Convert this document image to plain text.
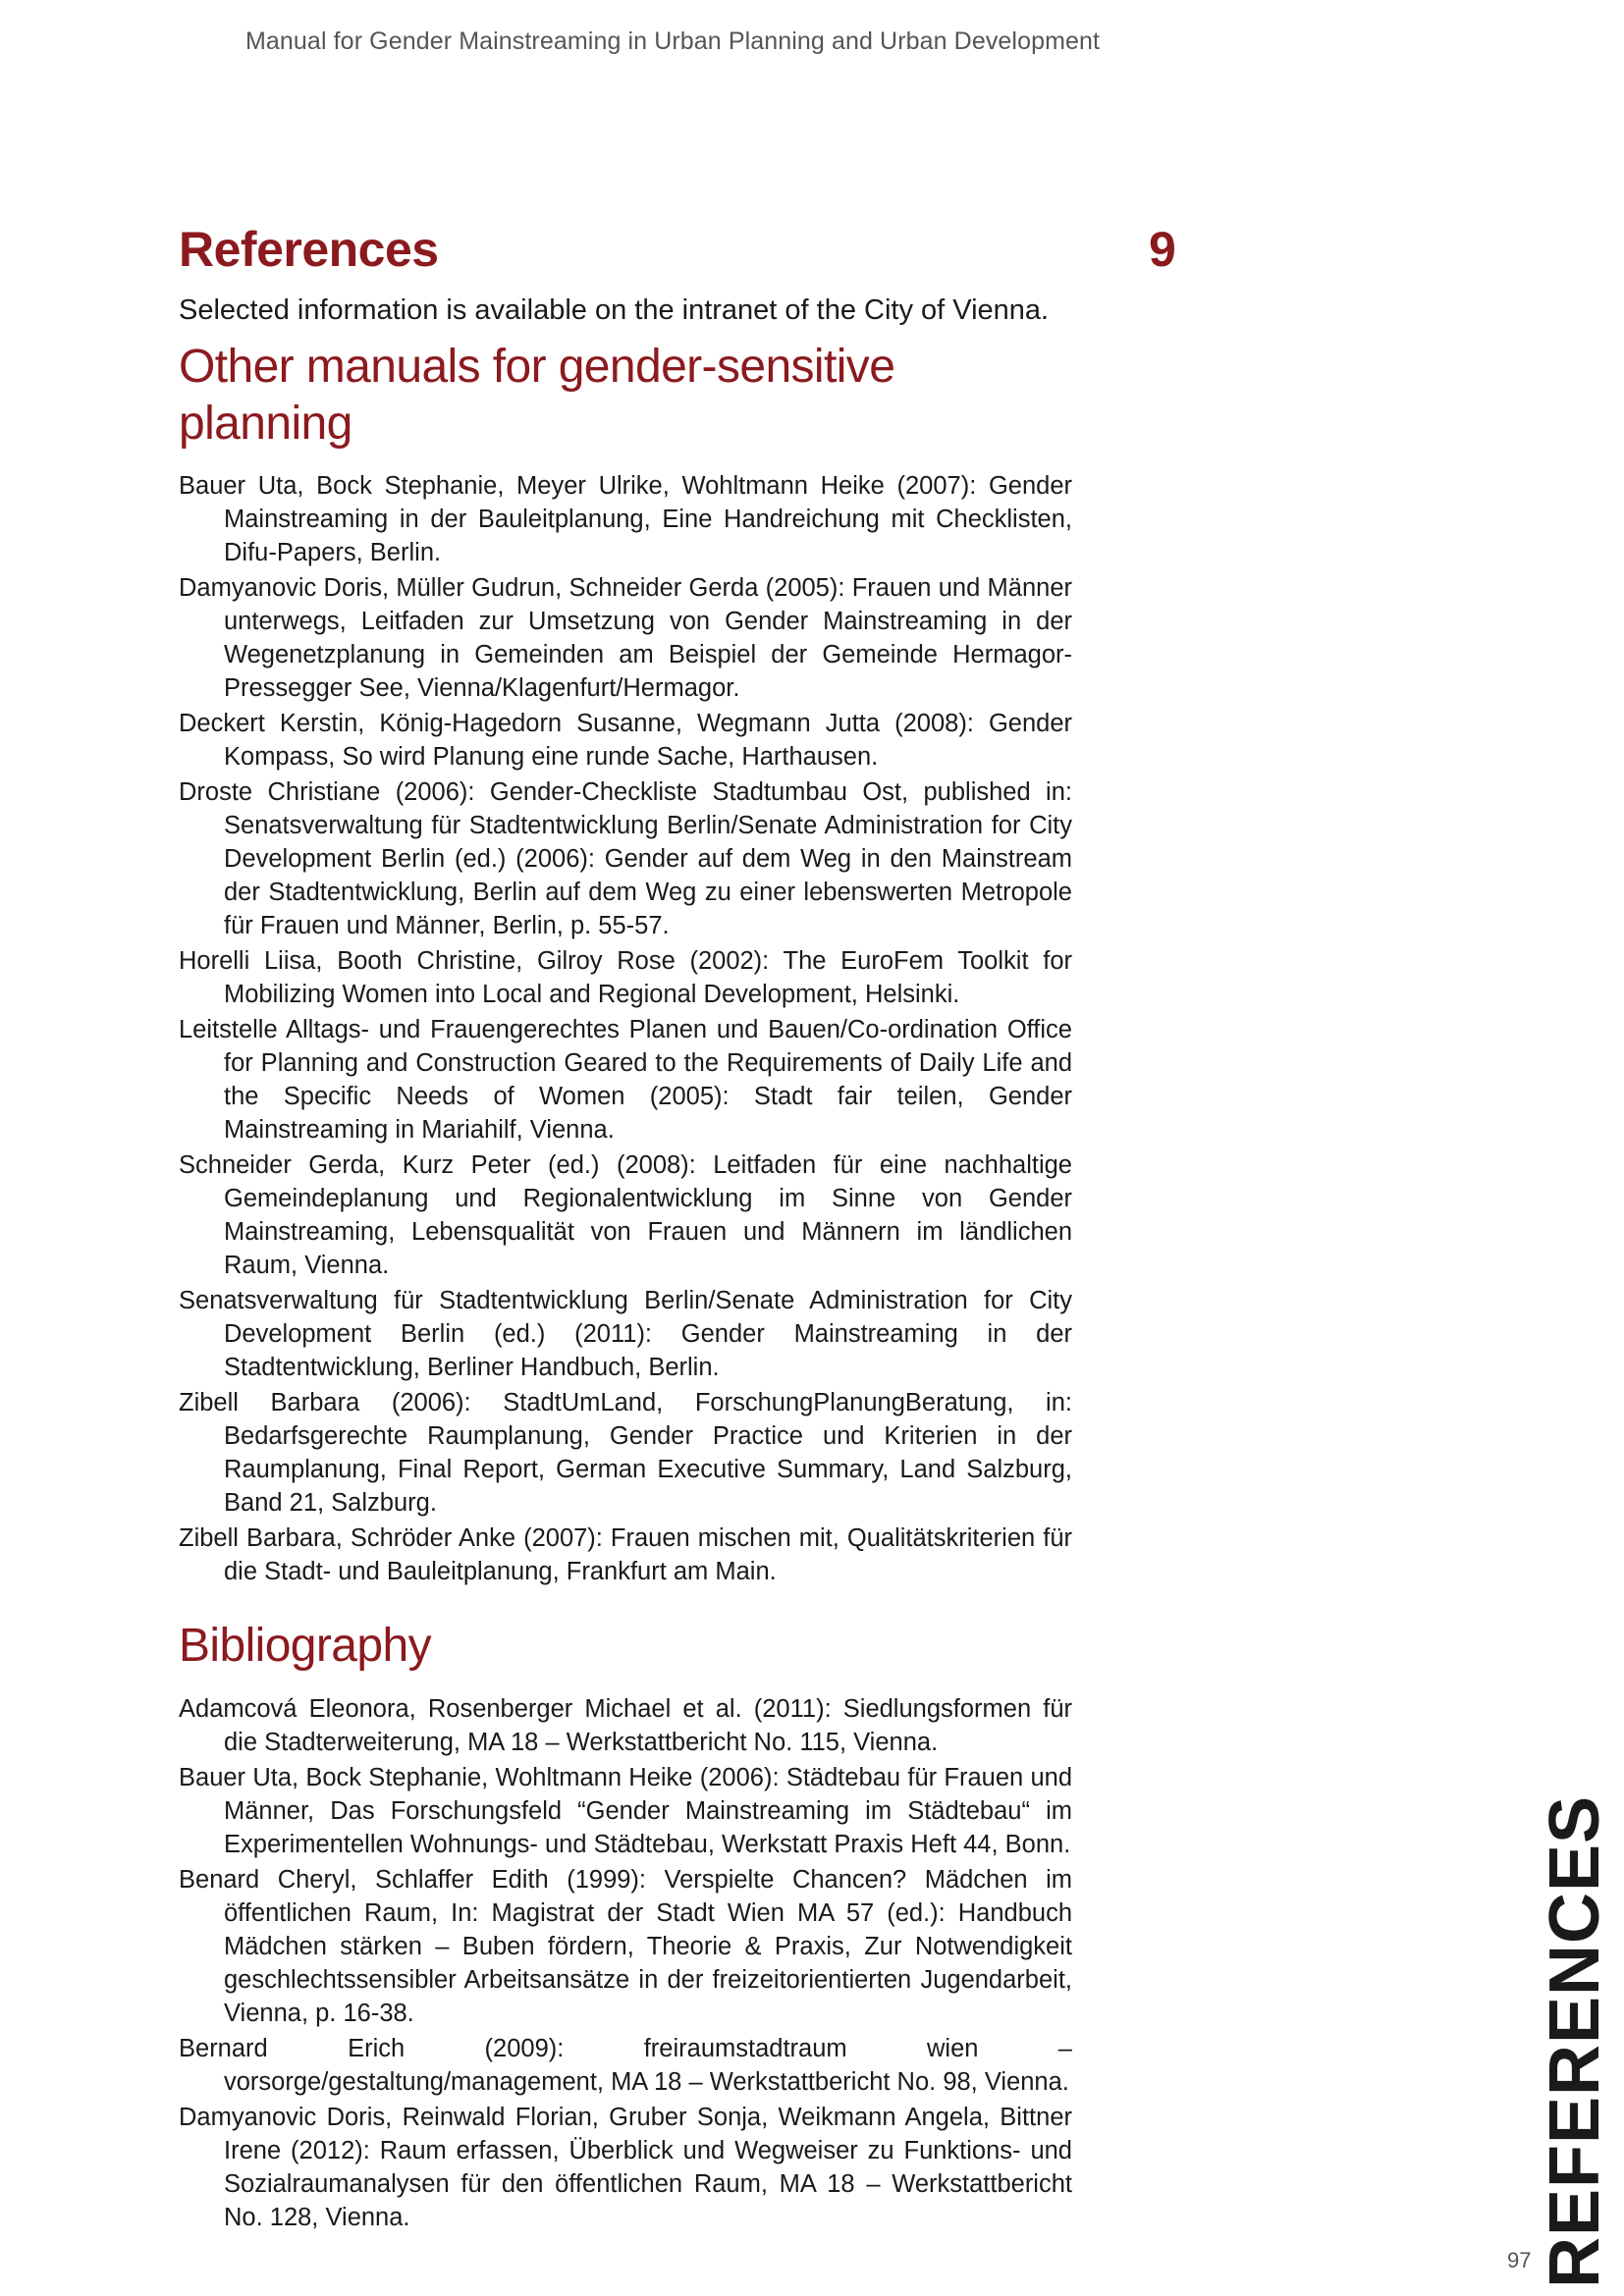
Manual for Gender Mainstreaming in Urban Planning and Urban Development
References	9

Selected information is available on the intranet of the City of Vienna.

Other manuals for gender-sensitive planning

Bauer Uta, Bock Stephanie, Meyer Ulrike, Wohltmann Heike (2007): Gender Mainstreaming in der Bauleitplanung, Eine Handreichung mit Checklisten, Difu-Papers, Berlin.

Damyanovic Doris, Müller Gudrun, Schneider Gerda (2005): Frauen und Männer unterwegs, Leitfaden zur Umsetzung von Gender Mainstreaming in der Wegenetzplanung in Gemeinden am Beispiel der Gemeinde Hermagor-Pressegger See, Vienna/Klagenfurt/Hermagor.

Deckert Kerstin, König-Hagedorn Susanne, Wegmann Jutta (2008): Gender Kompass, So wird Planung eine runde Sache, Harthausen.

Droste Christiane (2006): Gender-Checkliste Stadtumbau Ost, published in: Senatsverwaltung für Stadtentwicklung Berlin/Senate Administration for City Development Berlin (ed.) (2006): Gender auf dem Weg in den Mainstream der Stadtentwicklung, Berlin auf dem Weg zu einer lebenswerten Metropole für Frauen und Männer, Berlin, p. 55-57.

Horelli Liisa, Booth Christine, Gilroy Rose (2002): The EuroFem Toolkit for Mobilizing Women into Local and Regional Development, Helsinki.

Leitstelle Alltags- und Frauengerechtes Planen und Bauen/Co-ordination Office for Planning and Construction Geared to the Requirements of Daily Life and the Specific Needs of Women (2005): Stadt fair teilen, Gender Mainstreaming in Mariahilf, Vienna.

Schneider Gerda, Kurz Peter (ed.) (2008): Leitfaden für eine nachhaltige Gemeindeplanung und Regionalentwicklung im Sinne von Gender Mainstreaming, Lebensqualität von Frauen und Männern im ländlichen Raum, Vienna.

Senatsverwaltung für Stadtentwicklung Berlin/Senate Administration for City Development Berlin (ed.) (2011): Gender Mainstreaming in der Stadtentwicklung, Berliner Handbuch, Berlin.

Zibell Barbara (2006): StadtUmLand, ForschungPlanungBeratung, in: Bedarfsgerechte Raumplanung, Gender Practice und Kriterien in der Raumplanung, Final Report, German Executive Summary, Land Salzburg, Band 21, Salzburg.

Zibell Barbara, Schröder Anke (2007): Frauen mischen mit, Qualitätskriterien für die Stadt- und Bauleitplanung, Frankfurt am Main.

Bibliography

Adamcová Eleonora, Rosenberger Michael et al. (2011): Siedlungsformen für die Stadterweiterung, MA 18 – Werkstattbericht No. 115, Vienna.

Bauer Uta, Bock Stephanie, Wohltmann Heike (2006): Städtebau für Frauen und Männer, Das Forschungsfeld “Gender Mainstreaming im Städtebau“ im Experimentellen Wohnungs- und Städtebau, Werkstatt Praxis Heft 44, Bonn.

Benard Cheryl, Schlaffer Edith (1999): Verspielte Chancen? Mädchen im öffentlichen Raum, In: Magistrat der Stadt Wien MA 57 (ed.): Handbuch Mädchen stärken – Buben fördern, Theorie & Praxis, Zur Notwendigkeit geschlechtssensibler Arbeitsansätze in der freizeitorientierten Jugendarbeit, Vienna, p. 16-38.

Bernard Erich (2009): freiraumstadtraum wien – vorsorge/gestaltung/management, MA 18 – Werkstattbericht No. 98, Vienna.

Damyanovic Doris, Reinwald Florian, Gruber Sonja, Weikmann Angela, Bittner Irene (2012): Raum erfassen, Überblick und Wegweiser zu Funktions- und Sozialraumanalysen für den öffentlichen Raum, MA 18 – Werkstattbericht No. 128, Vienna.	REFERENCES
97
